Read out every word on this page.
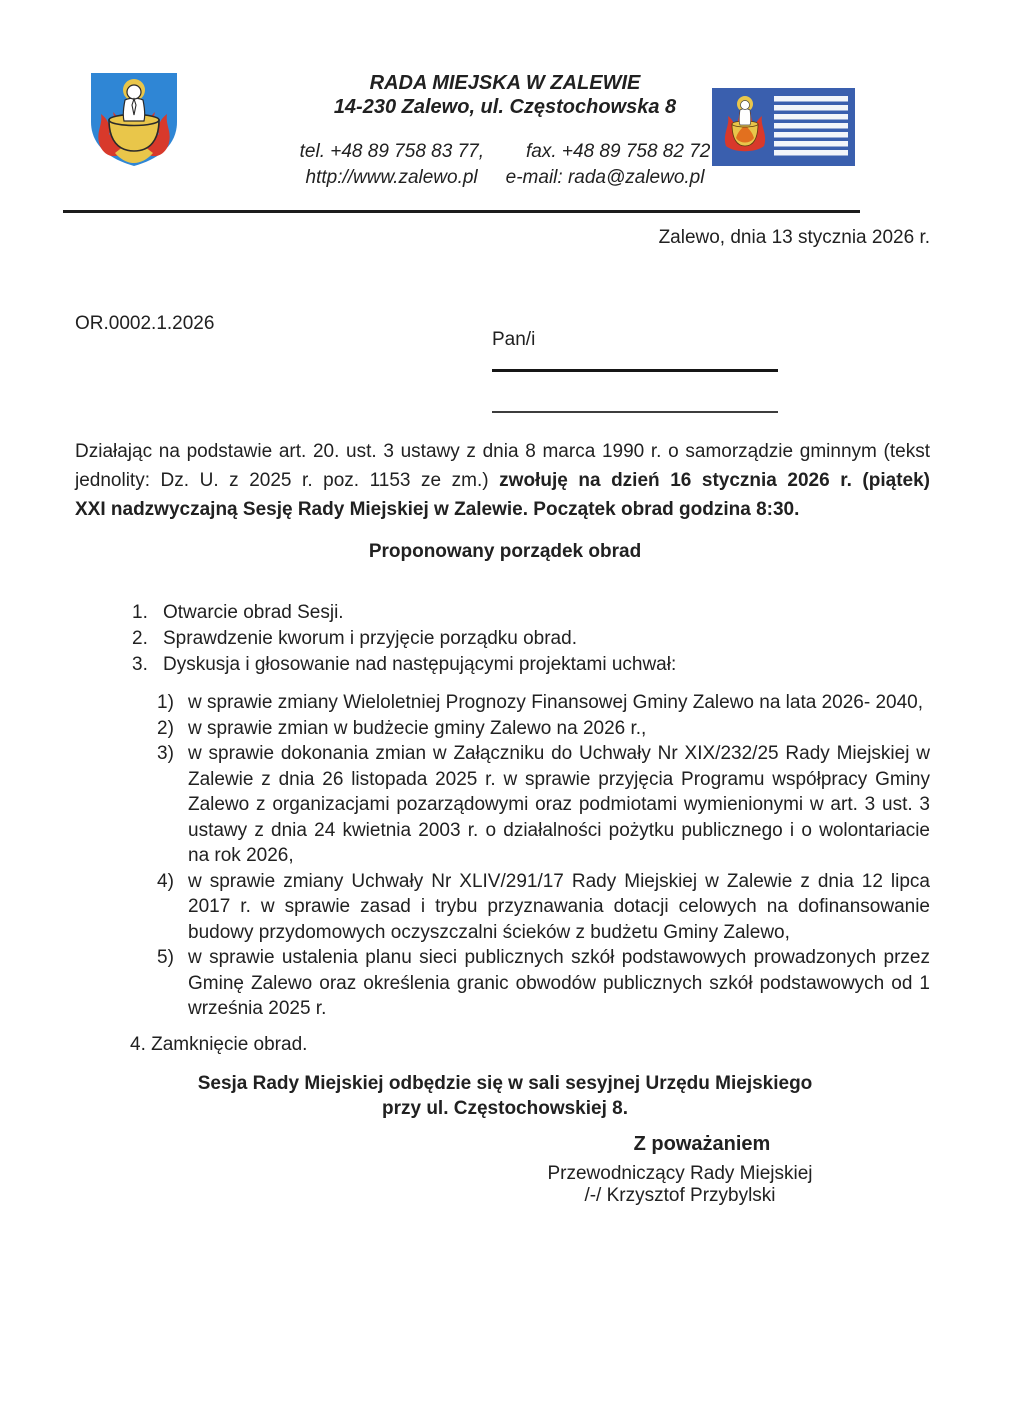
RADA MIEJSKA W ZALEWIE
14-230 Zalewo, ul. Częstochowska 8
tel. +48 89 758 83 77, fax. +48 89 758 82 72
http://www.zalewo.pl e-mail: rada@zalewo.pl
Zalewo, dnia 13 stycznia 2026 r.
OR.0002.1.2026
Pan/i
Działając na podstawie art. 20. ust. 3 ustawy z dnia 8 marca 1990 r. o samorządzie gminnym (tekst
jednolity: Dz. U. z 2025 r. poz. 1153 ze zm.) zwołuję na dzień 16 stycznia 2026 r. (piątek)
XXI nadzwyczajną Sesję Rady Miejskiej w Zalewie. Początek obrad godzina 8:30.
Proponowany porządek obrad
1. Otwarcie obrad Sesji.
2. Sprawdzenie kworum i przyjęcie porządku obrad.
3. Dyskusja i głosowanie nad następującymi projektami uchwał:
1) w sprawie zmiany Wieloletniej Prognozy Finansowej Gminy Zalewo na lata 2026- 2040,
2) w sprawie zmian w budżecie gminy Zalewo na 2026 r.,
3) w sprawie dokonania zmian w Załączniku do Uchwały Nr XIX/232/25 Rady Miejskiej w Zalewie z dnia 26 listopada 2025 r. w sprawie przyjęcia Programu współpracy Gminy Zalewo z organizacjami pozarządowymi oraz podmiotami wymienionymi w art. 3 ust. 3 ustawy z dnia 24 kwietnia 2003 r. o działalności pożytku publicznego i o wolontariacie na rok 2026,
4) w sprawie zmiany Uchwały Nr XLIV/291/17 Rady Miejskiej w Zalewie z dnia 12 lipca 2017 r. w sprawie zasad i trybu przyznawania dotacji celowych na dofinansowanie budowy przydomowych oczyszczalni ścieków z budżetu Gminy Zalewo,
5) w sprawie ustalenia planu sieci publicznych szkół podstawowych prowadzonych przez Gminę Zalewo oraz określenia granic obwodów publicznych szkół podstawowych od 1 września 2025 r.
4. Zamknięcie obrad.
Sesja Rady Miejskiej odbędzie się w sali sesyjnej Urzędu Miejskiego
przy ul. Częstochowskiej 8.
Z poważaniem
Przewodniczący Rady Miejskiej
/-/ Krzysztof Przybylski
